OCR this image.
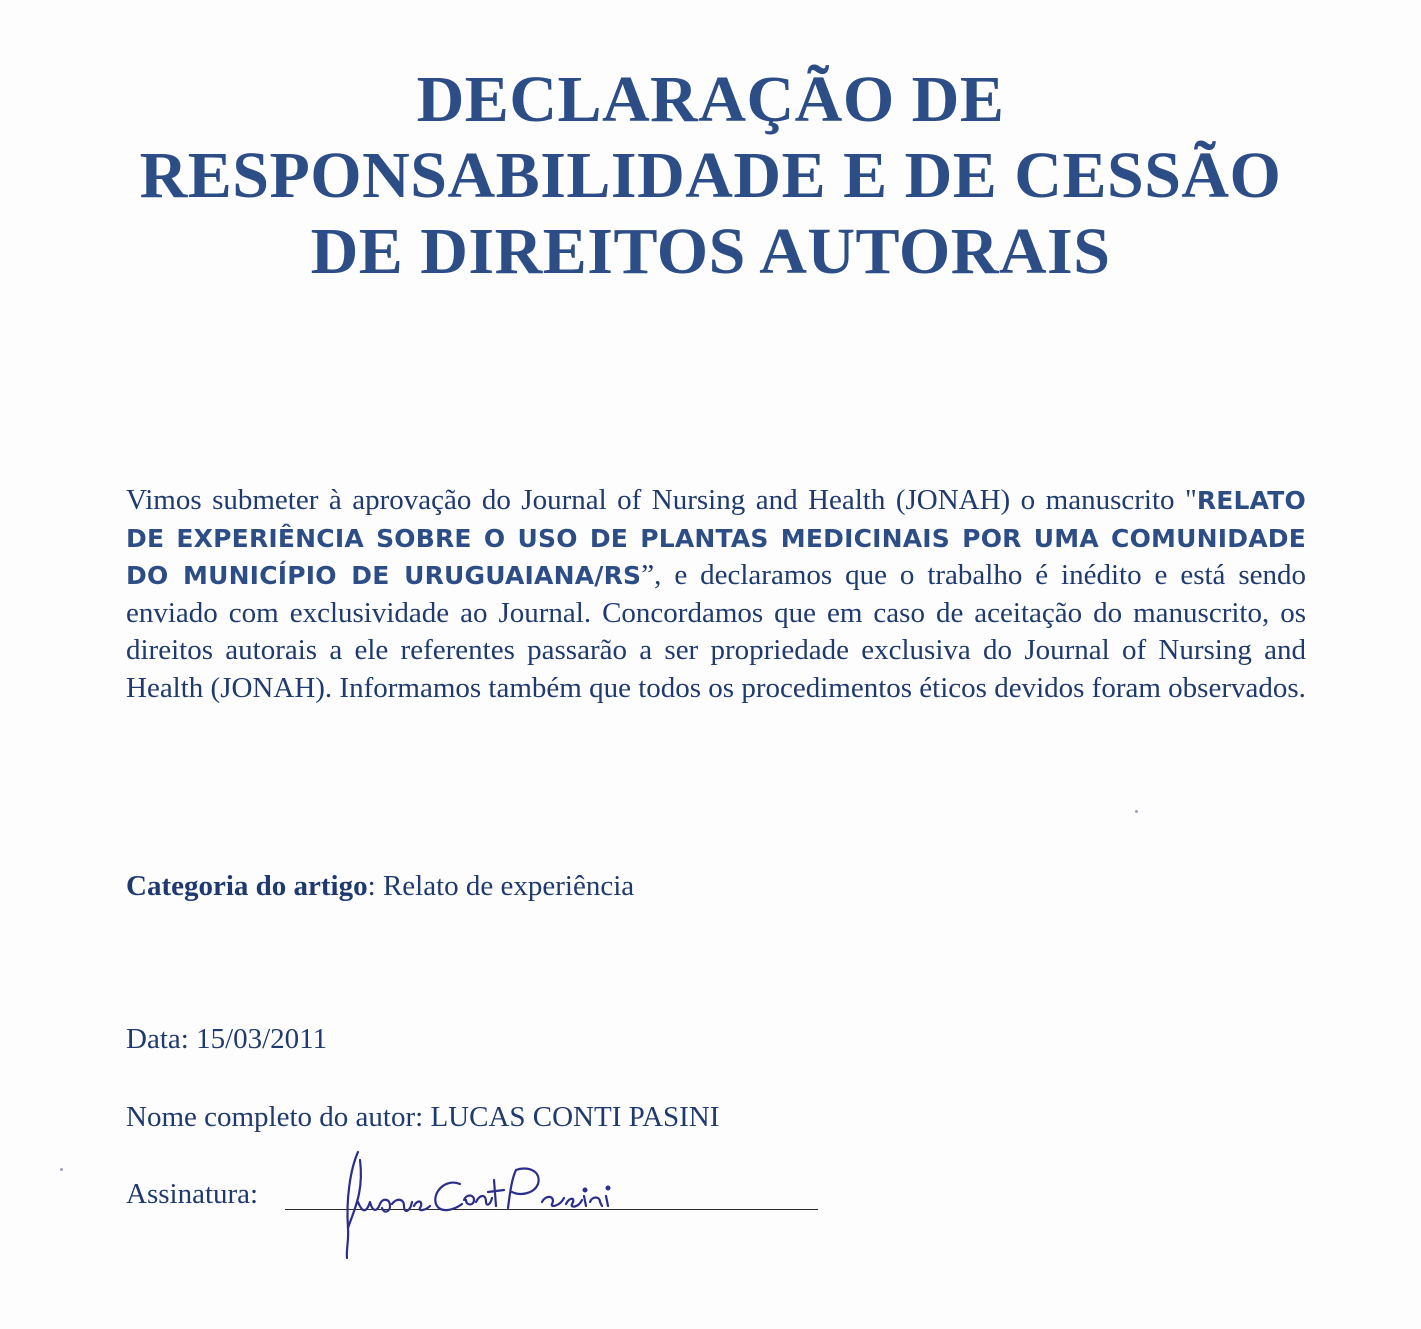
DECLARAÇÃO DE
RESPONSABILIDADE E DE CESSÃO
DE DIREITOS AUTORAIS

Vimos submeter à aprovação do Journal of Nursing and Health (JONAH) o manuscrito "RELATO DE EXPERIÊNCIA SOBRE O USO DE PLANTAS MEDICINAIS POR UMA COMUNIDADE DO MUNICÍPIO DE URUGUAIANA/RS”, e declaramos que o trabalho é inédito e está sendo enviado com exclusividade ao Journal. Concordamos que em caso de aceitação do manuscrito, os direitos autorais a ele referentes passarão a ser propriedade exclusiva do Journal of Nursing and Health (JONAH). Informamos também que todos os procedimentos éticos devidos foram observados.

Categoria do artigo: Relato de experiência

Data: 15/03/2011

Nome completo do autor: LUCAS CONTI PASINI

Assinatura:
